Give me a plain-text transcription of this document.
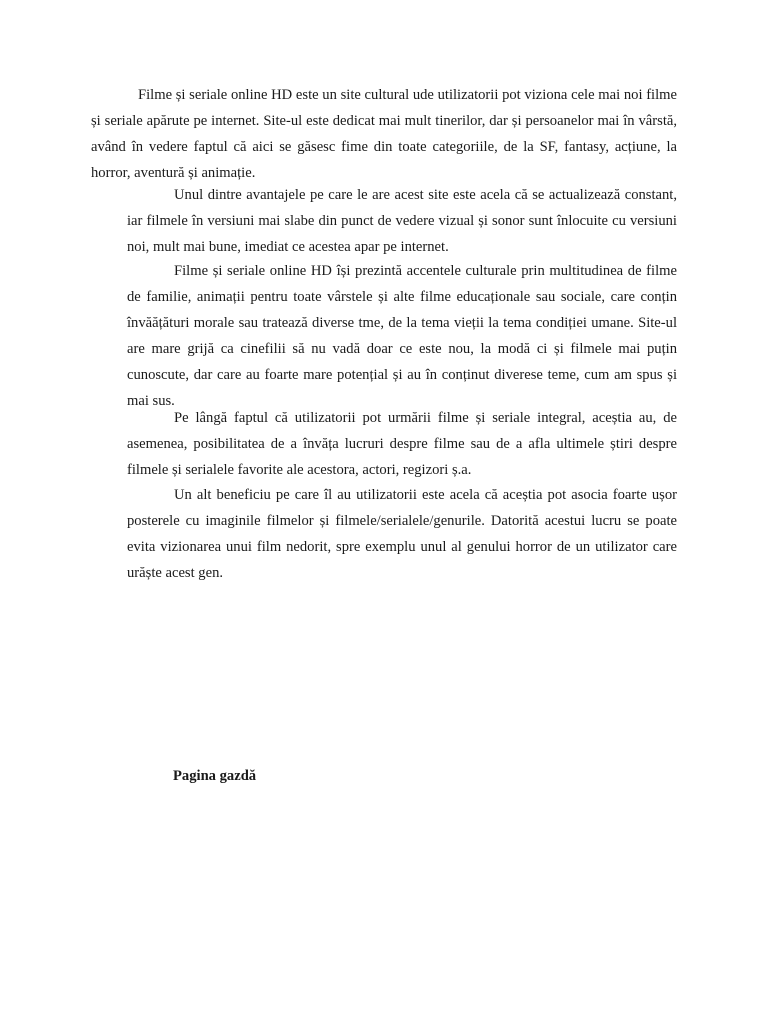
Filme și seriale online HD este un site cultural ude utilizatorii pot viziona cele mai noi filme și seriale apărute pe internet. Site-ul este dedicat mai mult tinerilor, dar și persoanelor mai în vârstă, având în vedere faptul că aici se găsesc fime din toate categoriile, de la SF, fantasy, acțiune, la horror, aventură și animație.

Unul dintre avantajele pe care le are acest site este acela că se actualizează constant, iar filmele în versiuni mai slabe din punct de vedere vizual și sonor sunt înlocuite cu versiuni noi, mult mai bune, imediat ce acestea apar pe internet.

Filme și seriale online HD își prezintă accentele culturale prin multitudinea de filme de familie, animații pentru toate vârstele și alte filme educaționale sau sociale, care conțin învăățături morale sau tratează diverse tme, de la tema vieții la tema condiției umane. Site-ul are mare grijă ca cinefilii să nu vadă doar ce este nou, la modă ci și filmele mai puțin cunoscute, dar care au foarte mare potențial și au în conținut diverese teme, cum am spus și mai sus.

Pe lângă faptul că utilizatorii pot urmării filme și seriale integral, aceștia au, de asemenea, posibilitatea de a învăța lucruri despre filme sau de a afla ultimele știri despre filmele și serialele favorite ale acestora, actori, regizori ș.a.

Un alt beneficiu pe care îl au utilizatorii este acela că aceștia pot asocia foarte ușor posterele cu imaginile filmelor și filmele/serialele/genurile. Datorită acestui lucru se poate evita vizionarea unui film nedorit, spre exemplu unul al genului horror de un utilizator care urăște acest gen.

Pagina gazdă
